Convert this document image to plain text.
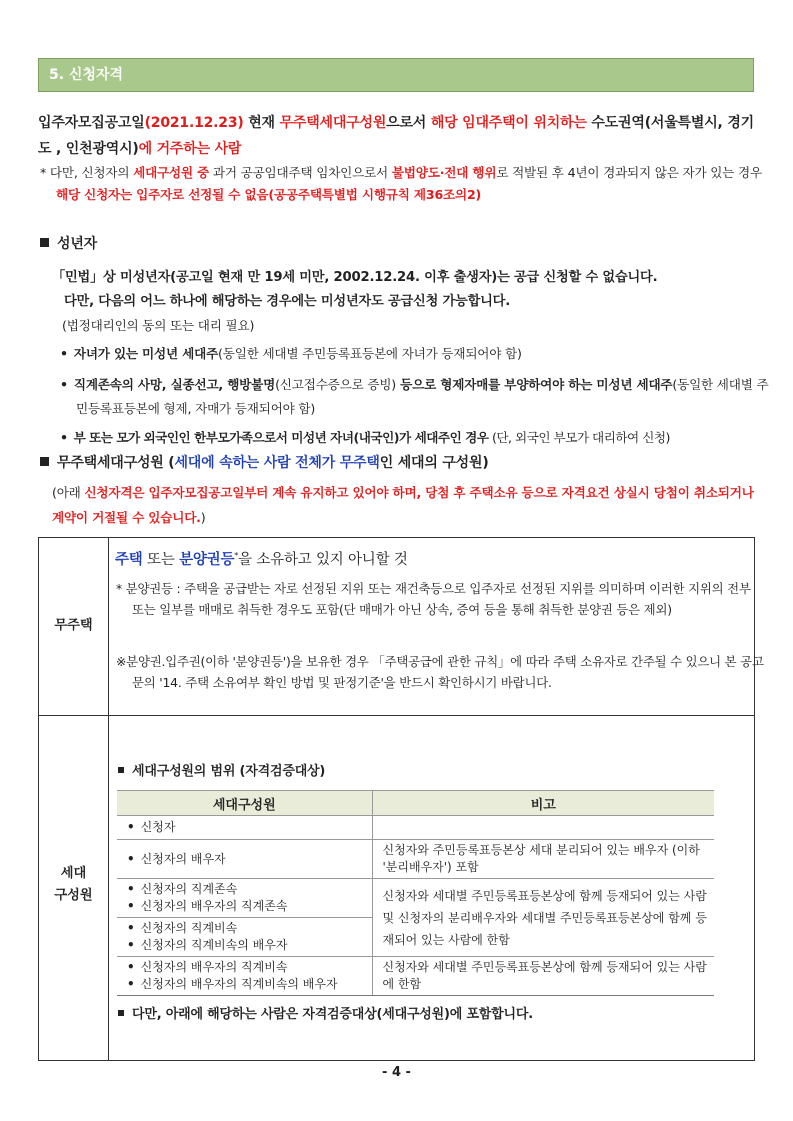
5. 신청자격
입주자모집공고일(2021.12.23) 현재 무주택세대구성원으로서 해당 임대주택이 위치하는 수도권역(서울특별시, 경기도 , 인천광역시)에 거주하는 사람
* 다만, 신청자의 세대구성원 중 과거 공공임대주택 임차인으로서 불법양도·전대 행위로 적발된 후 4년이 경과되지 않은 자가 있는 경우 해당 신청자는 입주자로 선정될 수 없음(공공주택특별법 시행규칙 제36조의2)
성년자
「민법」상 미성년자(공고일 현재 만 19세 미만, 2002.12.24. 이후 출생자)는 공급 신청할 수 없습니다.
다만, 다음의 어느 하나에 해당하는 경우에는 미성년자도 공급신청 가능합니다.
(법정대리인의 동의 또는 대리 필요)
• 자녀가 있는 미성년 세대주(동일한 세대별 주민등록표등본에 자녀가 등재되어야 함)
• 직계존속의 사망, 실종선고, 행방불명(신고접수증으로 증빙) 등으로 형제자매를 부양하여야 하는 미성년 세대주(동일한 세대별 주민등록표등본에 형제, 자매가 등재되어야 함)
• 부 또는 모가 외국인인 한부모가족으로서 미성년 자녀(내국인)가 세대주인 경우 (단, 외국인 부모가 대리하여 신청)
무주택세대구성원 (세대에 속하는 사람 전체가 무주택인 세대의 구성원)
(아래 신청자격은 입주자모집공고일부터 계속 유지하고 있어야 하며, 당첨 후 주택소유 등으로 자격요건 상실시 당첨이 취소되거나 계약이 거절될 수 있습니다.)
무주택
주택 또는 분양권등*을 소유하고 있지 아니할 것
* 분양권등 : 주택을 공급받는 자로 선정된 지위 또는 재건축등으로 입주자로 선정된 지위를 의미하며 이러한 지위의 전부 또는 일부를 매매로 취득한 경우도 포함(단 매매가 아닌 상속, 증여 등을 통해 취득한 분양권 등은 제외)
※분양권.입주권(이하 '분양권등')을 보유한 경우 「주택공급에 관한 규칙」에 따라 주택 소유자로 간주될 수 있으니 본 공고문의 '14. 주택 소유여부 확인 방법 및 판정기준'을 반드시 확인하시기 바랍니다.
세대
구성원
세대구성원의 범위 (자격검증대상)
세대구성원	비고
• 신청자	
• 신청자의 배우자	신청자와 주민등록표등본상 세대 분리되어 있는 배우자 (이하 '분리배우자') 포함

• 신청자의 직계존속
• 신청자의 배우자의 직계존속	신청자와 세대별 주민등록표등본상에 함께 등재되어 있는 사람 및 신청자의 분리배우자와 세대별 주민등록표등본상에 함께 등재되어 있는 사람에 한함

• 신청자의 직계비속
• 신청자의 직계비속의 배우자	

• 신청자의 배우자의 직계비속
• 신청자의 배우자의 직계비속의 배우자	신청자와 세대별 주민등록표등본상에 함께 등재되어 있는 사람에 한함
다만, 아래에 해당하는 사람은 자격검증대상(세대구성원)에 포함합니다.
- 4 -
